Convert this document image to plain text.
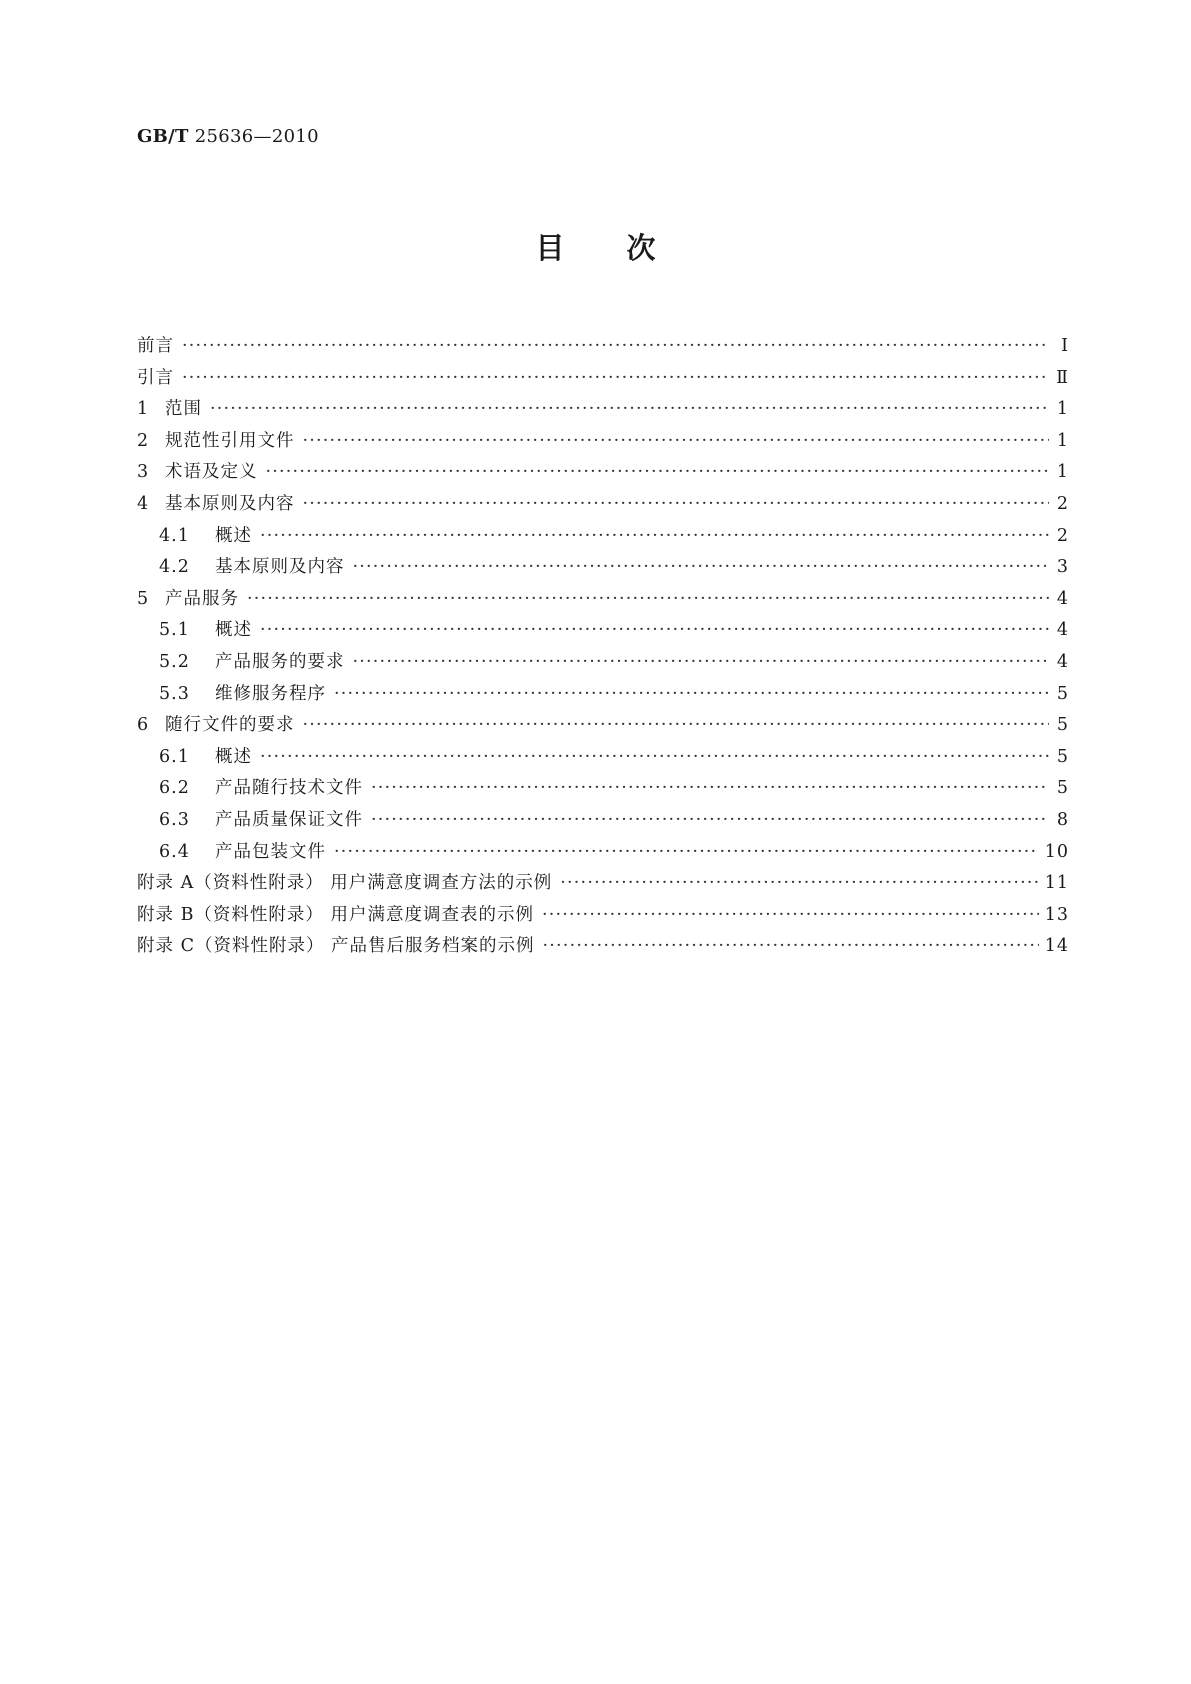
GB/T 25636—2010
目 次
前言 ·····	Ⅰ
引言 ·····	Ⅱ
1 范围 ·····	1
2 规范性引用文件 ·····	1
3 术语及定义 ·····	1
4 基本原则及内容 ·····	2
4.1	概述 ·····	2
4.2	基本原则及内容 ·····	3
5 产品服务 ·····	4
5.1	概述 ·····	4
5.2	产品服务的要求 ·····	4
5.3	维修服务程序 ·····	5
6 随行文件的要求 ·····	5
6.1	概述 ·····	5
6.2	产品随行技术文件 ·····	5
6.3	产品质量保证文件 ·····	8
6.4	产品包装文件 ·····	10
附录 A（资料性附录） 用户满意度调查方法的示例 ·····	11
附录 B（资料性附录） 用户满意度调查表的示例 ·····	13
附录 C（资料性附录） 产品售后服务档案的示例 ·····	14
